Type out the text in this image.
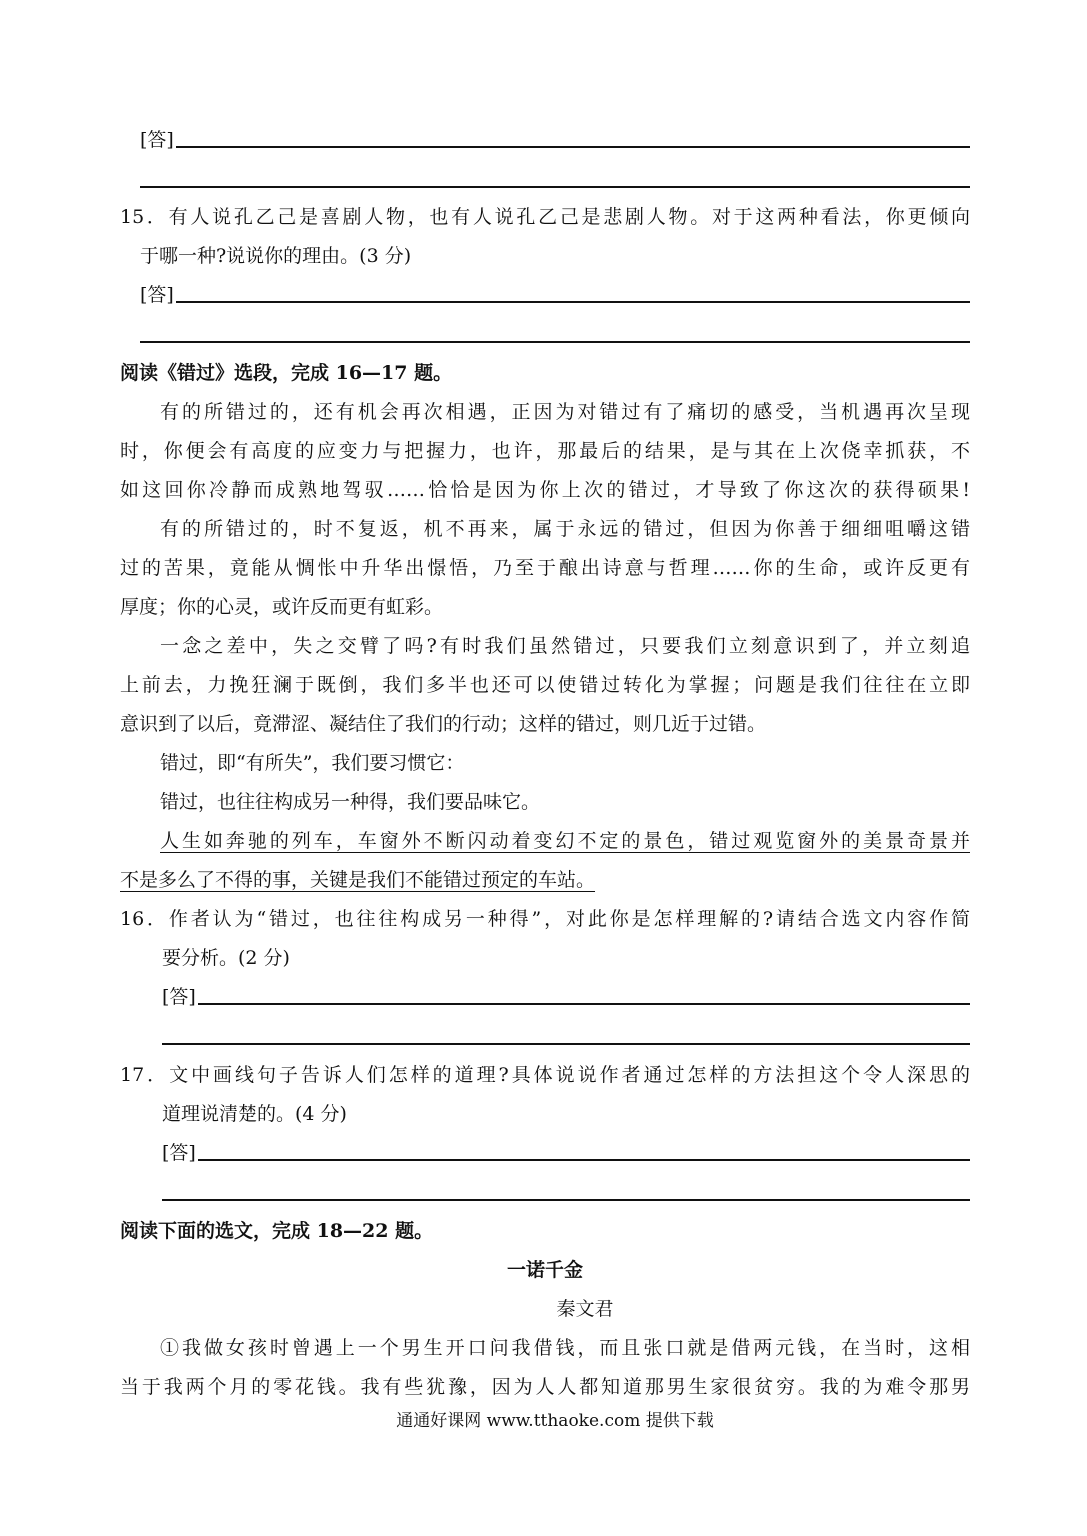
[答]
15．有人说孔乙己是喜剧人物，也有人说孔乙己是悲剧人物。对于这两种看法，你更倾向
于哪一种?说说你的理由。(3 分)
[答]
阅读《错过》选段，完成 16—17 题。
有的所错过的，还有机会再次相遇，正因为对错过有了痛切的感受，当机遇再次呈现
时，你便会有高度的应变力与把握力，也许，那最后的结果，是与其在上次侥幸抓获，不
如这回你冷静而成熟地驾驭……恰恰是因为你上次的错过，才导致了你这次的获得硕果!
有的所错过的，时不复返，机不再来，属于永远的错过，但因为你善于细细咀嚼这错
过的苦果，竟能从惆怅中升华出憬悟，乃至于酿出诗意与哲理……你的生命，或许反更有
厚度；你的心灵，或许反而更有虹彩。
一念之差中，失之交臂了吗?有时我们虽然错过，只要我们立刻意识到了，并立刻追
上前去，力挽狂澜于既倒，我们多半也还可以使错过转化为掌握；问题是我们往往在立即
意识到了以后，竟滞涩、凝结住了我们的行动；这样的错过，则几近于过错。
错过，即“有所失”，我们要习惯它：
错过，也往往构成另一种得，我们要品味它。
人生如奔驰的列车，车窗外不断闪动着变幻不定的景色，错过观览窗外的美景奇景并
不是多么了不得的事，关键是我们不能错过预定的车站。
16．作者认为“错过，也往往构成另一种得”，对此你是怎样理解的?请结合选文内容作简
要分析。(2 分)
[答]
17．文中画线句子告诉人们怎样的道理?具体说说作者通过怎样的方法担这个令人深思的
道理说清楚的。(4 分)
[答]
阅读下面的选文，完成 18—22 题。
一诺千金
秦文君
①我做女孩时曾遇上一个男生开口问我借钱，而且张口就是借两元钱，在当时，这相
当于我两个月的零花钱。我有些犹豫，因为人人都知道那男生家很贫穷。我的为难令那男
通通好课网 www.tthaoke.com 提供下载
